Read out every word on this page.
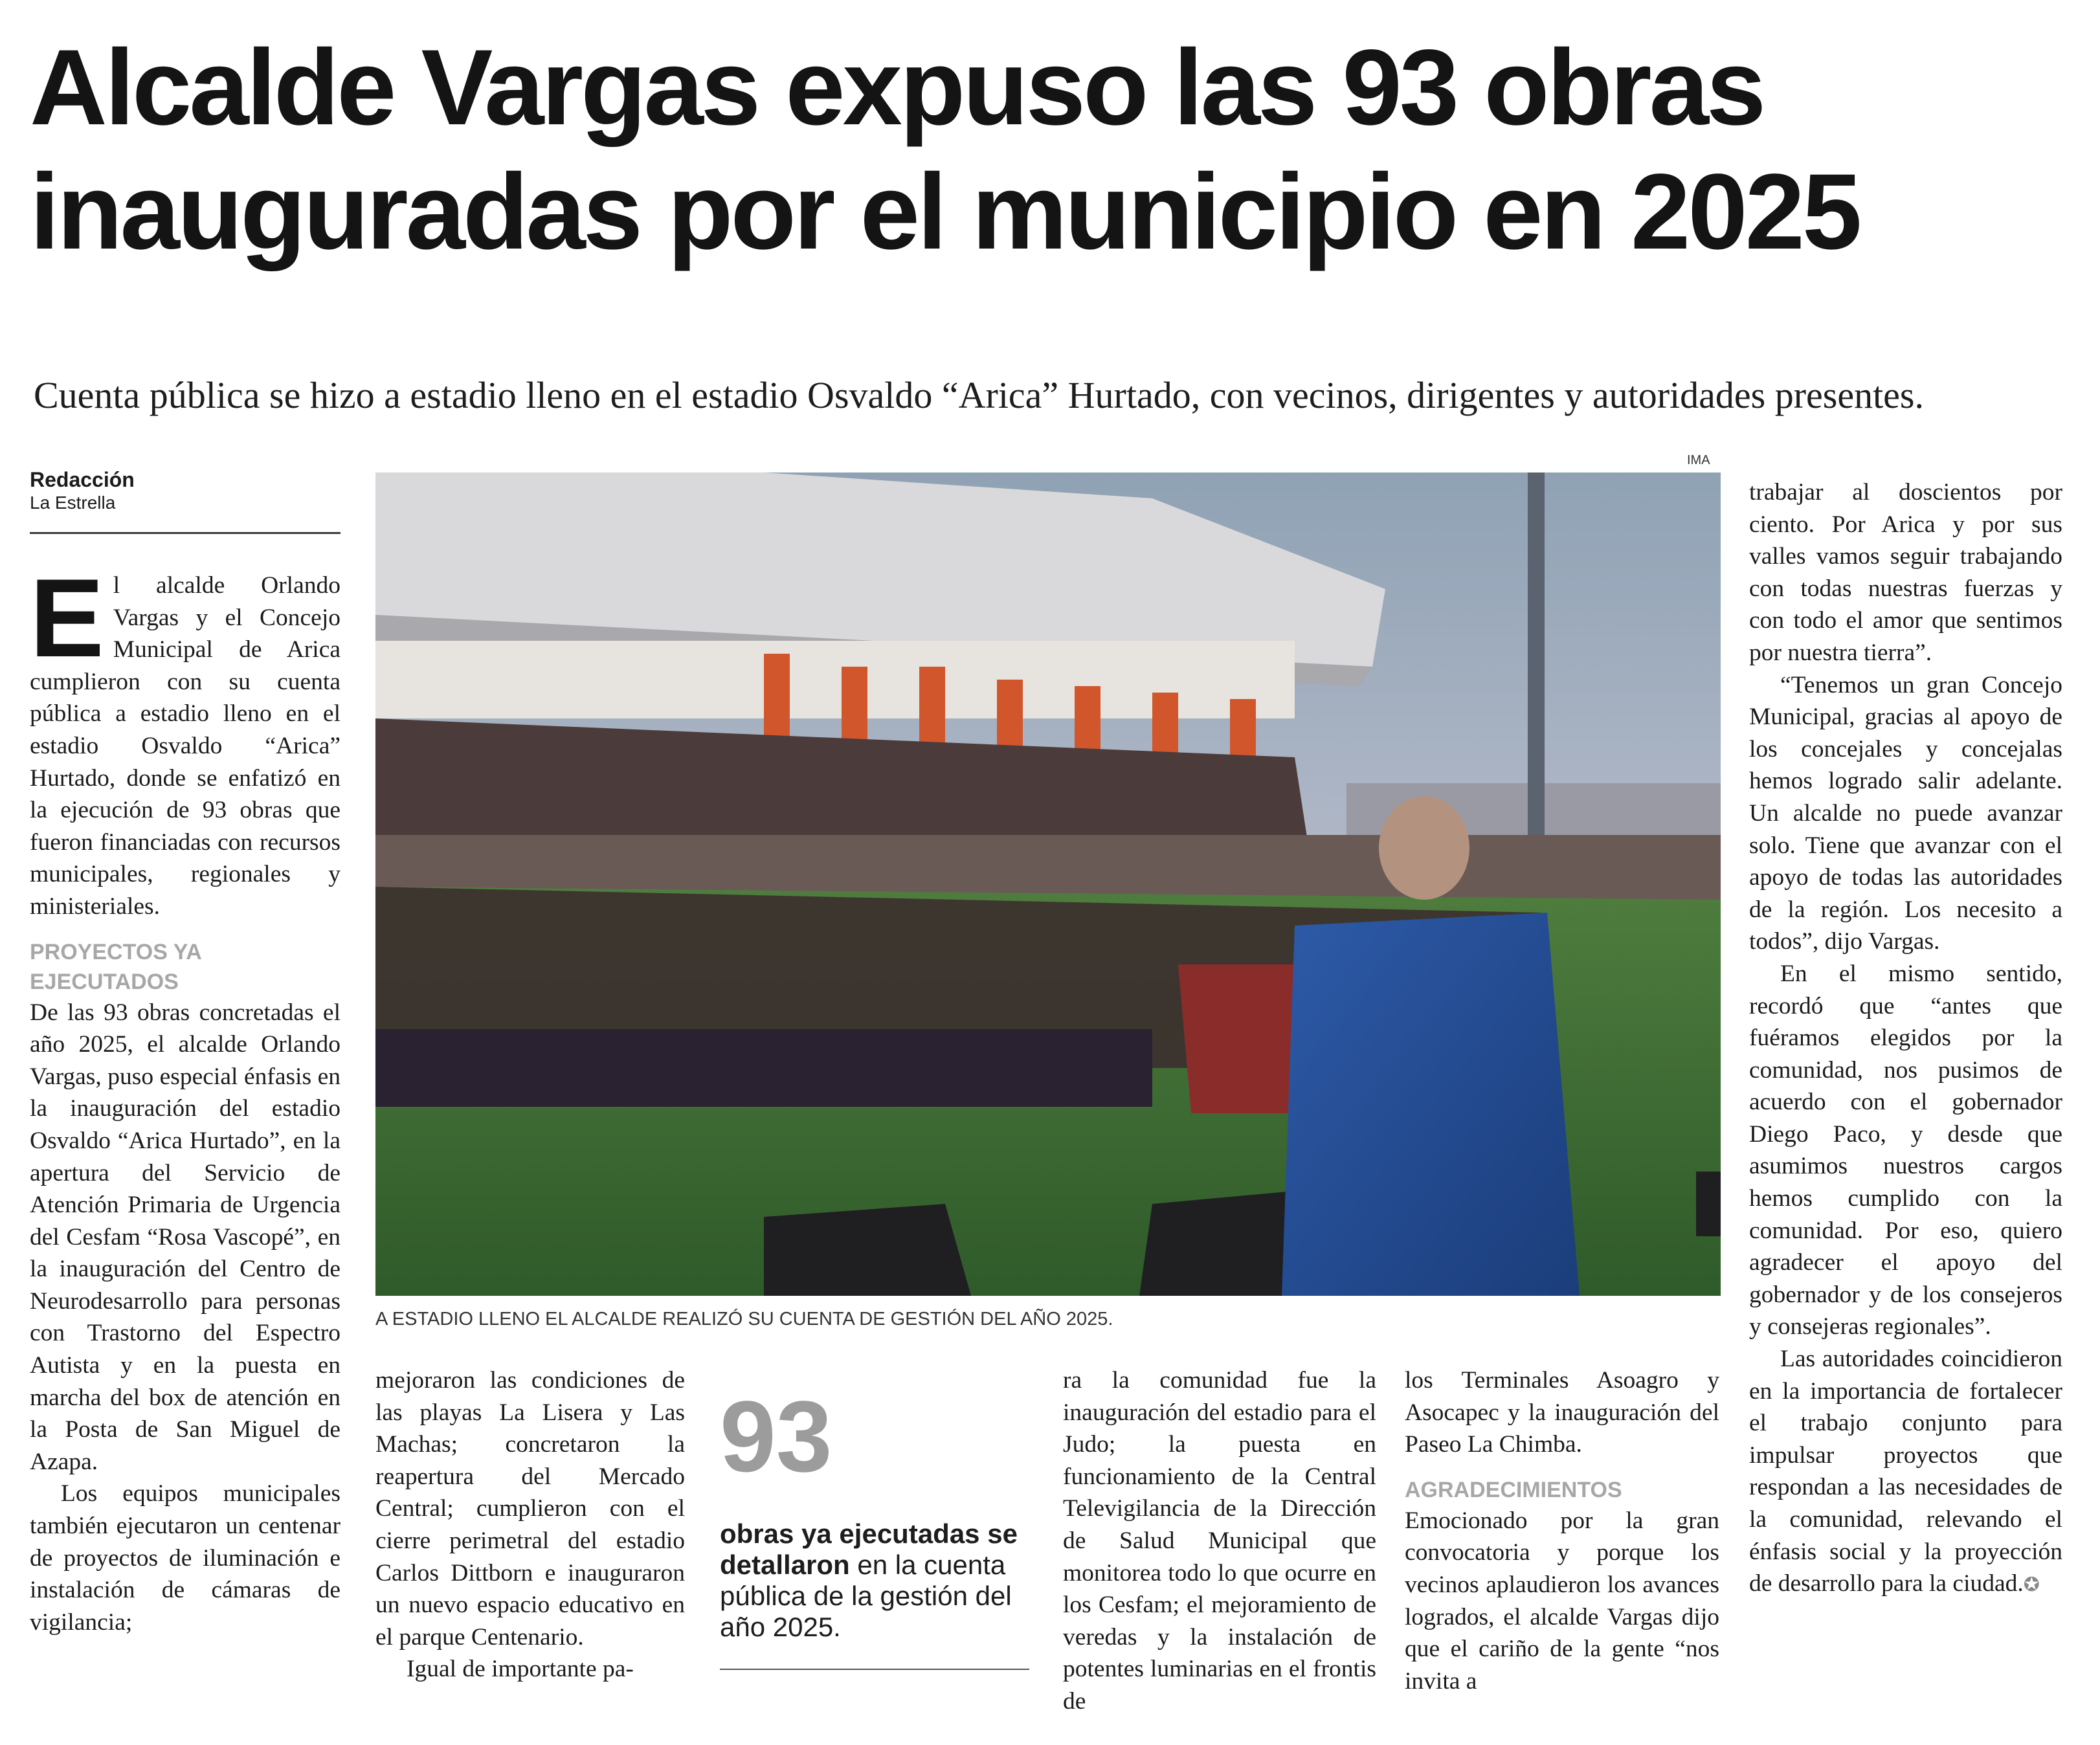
Alcalde Vargas expuso las 93 obras
inauguradas por el municipio en 2025
Cuenta pública se hizo a estadio lleno en el estadio Osvaldo “Arica” Hurtado, con vecinos, dirigentes y autoridades presentes.
Redacción
La Estrella

El alcalde Orlando Vargas y el Concejo Municipal de Arica cumplieron con su cuenta pública a estadio lleno en el estadio Osvaldo “Arica” Hurtado, donde se enfatizó en la ejecución de 93 obras que fueron financiadas con recursos municipales, regionales y ministeriales.

PROYECTOS YA EJECUTADOS

De las 93 obras concretadas el año 2025, el alcalde Orlando Vargas, puso especial énfasis en la inauguración del estadio Osvaldo “Arica Hurtado”, en la apertura del Servicio de Atención Primaria de Urgencia del Cesfam “Rosa Vascopé”, en la inauguración del Centro de Neurodesarrollo para personas con Trastorno del Espectro Autista y en la puesta en marcha del box de atención en la Posta de San Miguel de Azapa.

Los equipos municipales también ejecutaron un centenar de proyectos de iluminación e instalación de cámaras de vigilancia;

IMA
A ESTADIO LLENO EL ALCALDE REALIZÓ SU CUENTA DE GESTIÓN DEL AÑO 2025.

mejoraron las condiciones de las playas La Lisera y Las Machas; concretaron la reapertura del Mercado Central; cumplieron con el cierre perimetral del estadio Carlos Dittborn e inauguraron un nuevo espacio educativo en el parque Centenario.

Igual de importante pa-

93
obras ya ejecutadas se detallaron en la cuenta pública de la gestión del año 2025.

ra la comunidad fue la inauguración del estadio para el Judo; la puesta en funcionamiento de la Central Televigilancia de la Dirección de Salud Municipal que monitorea todo lo que ocurre en los Cesfam; el mejoramiento de veredas y la instalación de potentes luminarias en el frontis de

los Terminales Asoagro y Asocapec y la inauguración del Paseo La Chimba.

AGRADECIMIENTOS

Emocionado por la gran convocatoria y porque los vecinos aplaudieron los avances logrados, el alcalde Vargas dijo que el cariño de la gente “nos invita a

trabajar al doscientos por ciento. Por Arica y por sus valles vamos seguir trabajando con todas nuestras fuerzas y con todo el amor que sentimos por nuestra tierra”.

“Tenemos un gran Concejo Municipal, gracias al apoyo de los concejales y concejalas hemos logrado salir adelante. Un alcalde no puede avanzar solo. Tiene que avanzar con el apoyo de todas las autoridades de la región. Los necesito a todos”, dijo Vargas.

En el mismo sentido, recordó que “antes que fuéramos elegidos por la comunidad, nos pusimos de acuerdo con el gobernador Diego Paco, y desde que asumimos nuestros cargos hemos cumplido con la comunidad. Por eso, quiero agradecer el apoyo del gobernador y de los consejeros y consejeras regionales”.

Las autoridades coincidieron en la importancia de fortalecer el trabajo conjunto para impulsar proyectos que respondan a las necesidades de la comunidad, relevando el énfasis social y la proyección de desarrollo para la ciudad.✪
